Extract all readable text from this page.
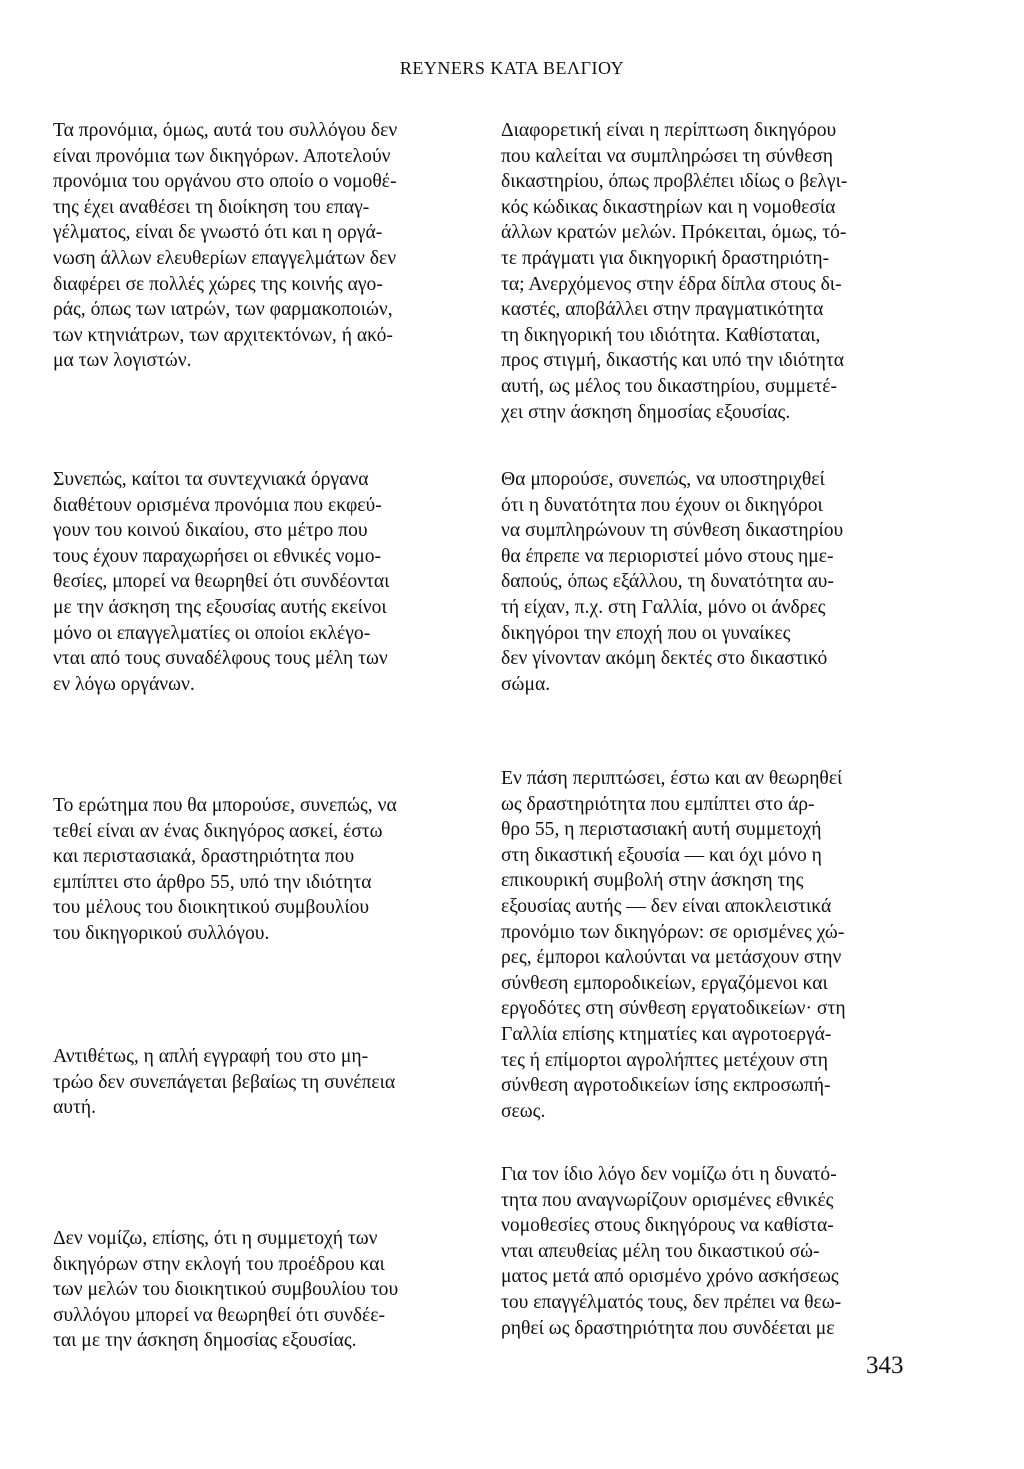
REYNERS ΚΑΤΑ ΒΕΛΓΙΟΥ
Τα προνόμια, όμως, αυτά του συλλόγου δεν
είναι προνόμια των δικηγόρων. Αποτελούν
προνόμια του οργάνου στο οποίο ο νομοθέ-
της έχει αναθέσει τη διοίκηση του επαγ-
γέλματος, είναι δε γνωστό ότι και η οργά-
νωση άλλων ελευθερίων επαγγελμάτων δεν
διαφέρει σε πολλές χώρες της κοινής αγο-
ράς, όπως των ιατρών, των φαρμακοποιών,
των κτηνιάτρων, των αρχιτεκτόνων, ή ακό-
μα των λογιστών.
Συνεπώς, καίτοι τα συντεχνιακά όργανα
διαθέτουν ορισμένα προνόμια που εκφεύ-
γουν του κοινού δικαίου, στο μέτρο που
τους έχουν παραχωρήσει οι εθνικές νομο-
θεσίες, μπορεί να θεωρηθεί ότι συνδέονται
με την άσκηση της εξουσίας αυτής εκείνοι
μόνο οι επαγγελματίες οι οποίοι εκλέγο-
νται από τους συναδέλφους τους μέλη των
εν λόγω οργάνων.
Το ερώτημα που θα μπορούσε, συνεπώς, να
τεθεί είναι αν ένας δικηγόρος ασκεί, έστω
και περιστασιακά, δραστηριότητα που
εμπίπτει στο άρθρο 55, υπό την ιδιότητα
του μέλους του διοικητικού συμβουλίου
του δικηγορικού συλλόγου.
Αντιθέτως, η απλή εγγραφή του στο μη-
τρώο δεν συνεπάγεται βεβαίως τη συνέπεια
αυτή.
Δεν νομίζω, επίσης, ότι η συμμετοχή των
δικηγόρων στην εκλογή του προέδρου και
των μελών του διοικητικού συμβουλίου του
συλλόγου μπορεί να θεωρηθεί ότι συνδέε-
ται με την άσκηση δημοσίας εξουσίας.
Διαφορετική είναι η περίπτωση δικηγόρου
που καλείται να συμπληρώσει τη σύνθεση
δικαστηρίου, όπως προβλέπει ιδίως ο βελγι-
κός κώδικας δικαστηρίων και η νομοθεσία
άλλων κρατών μελών. Πρόκειται, όμως, τό-
τε πράγματι για δικηγορική δραστηριότη-
τα; Ανερχόμενος στην έδρα δίπλα στους δι-
καστές, αποβάλλει στην πραγματικότητα
τη δικηγορική του ιδιότητα. Καθίσταται,
προς στιγμή, δικαστής και υπό την ιδιότητα
αυτή, ως μέλος του δικαστηρίου, συμμετέ-
χει στην άσκηση δημοσίας εξουσίας.
Θα μπορούσε, συνεπώς, να υποστηριχθεί
ότι η δυνατότητα που έχουν οι δικηγόροι
να συμπληρώνουν τη σύνθεση δικαστηρίου
θα έπρεπε να περιοριστεί μόνο στους ημε-
δαπούς, όπως εξάλλου, τη δυνατότητα αυ-
τή είχαν, π.χ. στη Γαλλία, μόνο οι άνδρες
δικηγόροι την εποχή που οι γυναίκες
δεν γίνονταν ακόμη δεκτές στο δικαστικό
σώμα.
Εν πάση περιπτώσει, έστω και αν θεωρηθεί
ως δραστηριότητα που εμπίπτει στο άρ-
θρο 55, η περιστασιακή αυτή συμμετοχή
στη δικαστική εξουσία — και όχι μόνο η
επικουρική συμβολή στην άσκηση της
εξουσίας αυτής — δεν είναι αποκλειστικά
προνόμιο των δικηγόρων: σε ορισμένες χώ-
ρες, έμποροι καλούνται να μετάσχουν στην
σύνθεση εμποροδικείων, εργαζόμενοι και
εργοδότες στη σύνθεση εργατοδικείων· στη
Γαλλία επίσης κτηματίες και αγροτοεργά-
τες ή επίμορτοι αγρολήπτες μετέχουν στη
σύνθεση αγροτοδικείων ίσης εκπροσωπή-
σεως.
Για τον ίδιο λόγο δεν νομίζω ότι η δυνατό-
τητα που αναγνωρίζουν ορισμένες εθνικές
νομοθεσίες στους δικηγόρους να καθίστα-
νται απευθείας μέλη του δικαστικού σώ-
ματος μετά από ορισμένο χρόνο ασκήσεως
του επαγγέλματός τους, δεν πρέπει να θεω-
ρηθεί ως δραστηριότητα που συνδέεται με
343
